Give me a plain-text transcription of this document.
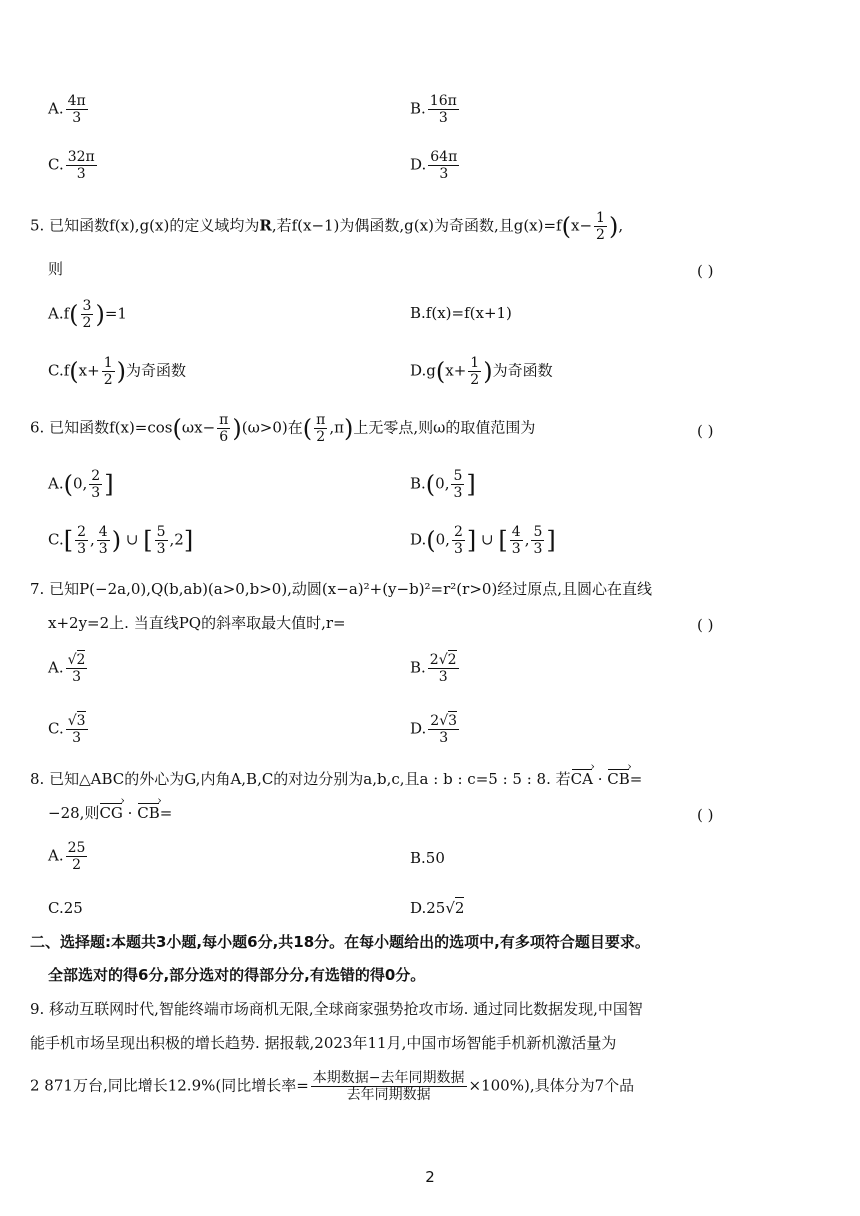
A. $\frac{4\pi}{3}$	B. $\frac{16\pi}{3}$
C. $\frac{32\pi}{3}$	D. $\frac{64\pi}{3}$
5. 已知函数f(x),g(x)的定义域均为R,若f(x−1)为偶函数,g(x)为奇函数,且$g(x)=f(x- \frac{1}{2}$ ),
则	( )
$A.f( \frac{3}{2} )=1$	B.f(x)=f(x+1)
$C.f(x+ \frac{1}{2}$ )为奇函数	$D.g(x+ \frac{1}{2}$ )为奇函数
6. 已知函数$f(x)=\cos(\omega x- \frac{\pi}{6} )(\omega>0)$在( $\frac{\pi}{2} ,\pi$)上无零点,则ω的取值范围为	( )
A.(0, $\frac{2}{3}$ ]	B.(0, $\frac{5}{3}$ ]
$C.[ \frac{2}{3}$ , $\frac{4}{3}$ ) ∪ [ $\frac{5}{3} ,2$]	D.(0, $\frac{2}{3}$ ] ∪ [ $\frac{4}{3}$ , $\frac{5}{3}$ ]
7. 已知P(−2a,0),Q(b,ab)(a>0,b>0),动圆(x−a)²+(y−b)²=r²(r>0)经过原点,且圆心在直线
x+2y=2上. 当直线PQ的斜率取最大值时,r=	( )
A. $\frac{√2}{3}$	B. $\frac{2√2}{3}$
C. $\frac{√3}{3}$	D. $\frac{2√3}{3}$
8. 已知△ABC的外心为G,内角A,B,C的对边分别为a,b,c,且a : b : c=5 : 5 : 8. 若CA › · CB ›=
−28,则CG › · CB ›=	( )
A. $\frac{25}{2}$	B.50
C.25	D.25√2
二、选择题:本题共3小题,每小题6分,共18分。在每小题给出的选项中,有多项符合题目要求。
全部选对的得6分,部分选对的得部分分,有选错的得0分。
9. 移动互联网时代,智能终端市场商机无限,全球商家强势抢攻市场. 通过同比数据发现,中国智
能手机市场呈现出积极的增长趋势. 据报载,2023年11月,中国市场智能手机新机激活量为
2 871万台,同比增长12.9%(同比增长率= $\frac{\text{本期数据−去年同期数据}}{\text{去年同期数据}} \times 100\%$),具体分为7个品
2
